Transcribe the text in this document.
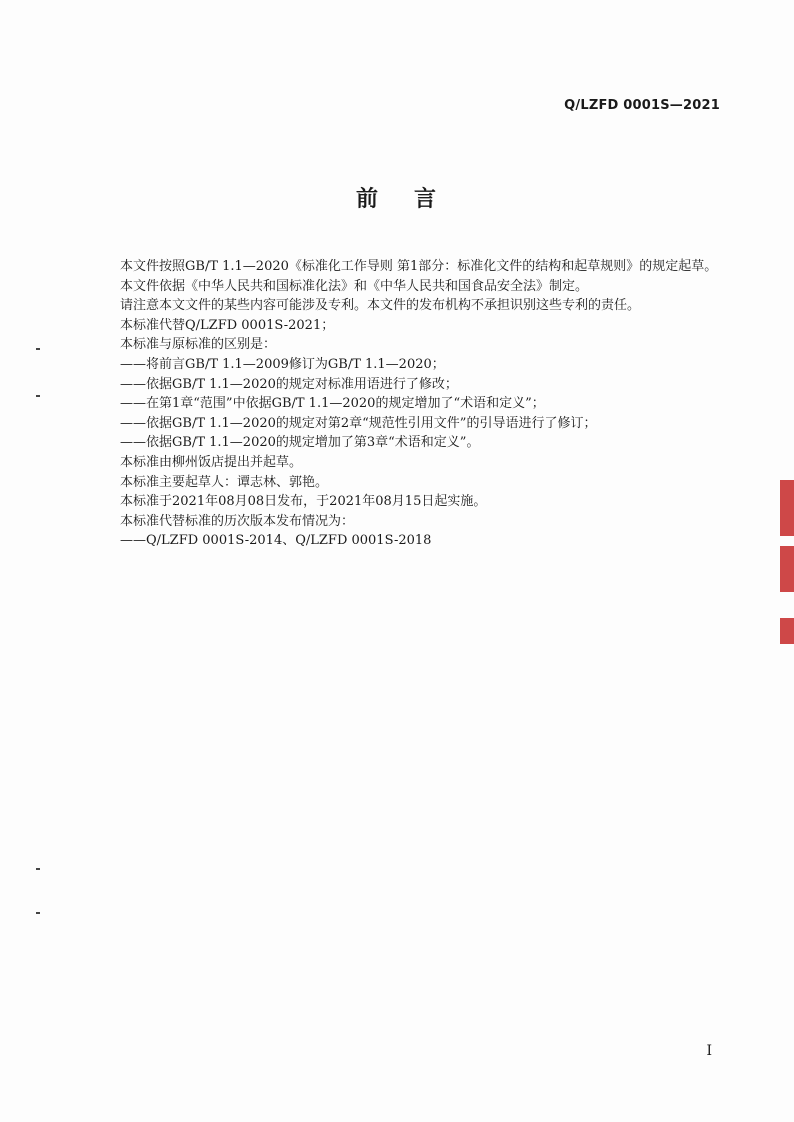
Q/LZFD 0001S—2021
前 言

本文件按照GB/T 1.1—2020《标准化工作导则 第1部分：标准化文件的结构和起草规则》的规定起草。

本文件依据《中华人民共和国标准化法》和《中华人民共和国食品安全法》制定。

请注意本文文件的某些内容可能涉及专利。本文件的发布机构不承担识别这些专利的责任。

本标准代替Q/LZFD 0001S-2021；

本标准与原标准的区别是：

——将前言GB/T 1.1—2009修订为GB/T 1.1—2020；

——依据GB/T 1.1—2020的规定对标准用语进行了修改；

——在第1章“范围”中依据GB/T 1.1—2020的规定增加了“术语和定义”；

——依据GB/T 1.1—2020的规定对第2章“规范性引用文件”的引导语进行了修订；

——依据GB/T 1.1—2020的规定增加了第3章“术语和定义”。

本标准由柳州饭店提出并起草。

本标准主要起草人：谭志林、郭艳。

本标准于2021年08月08日发布，于2021年08月15日起实施。

本标准代替标准的历次版本发布情况为：

——Q/LZFD 0001S-2014、Q/LZFD 0001S-2018

I
